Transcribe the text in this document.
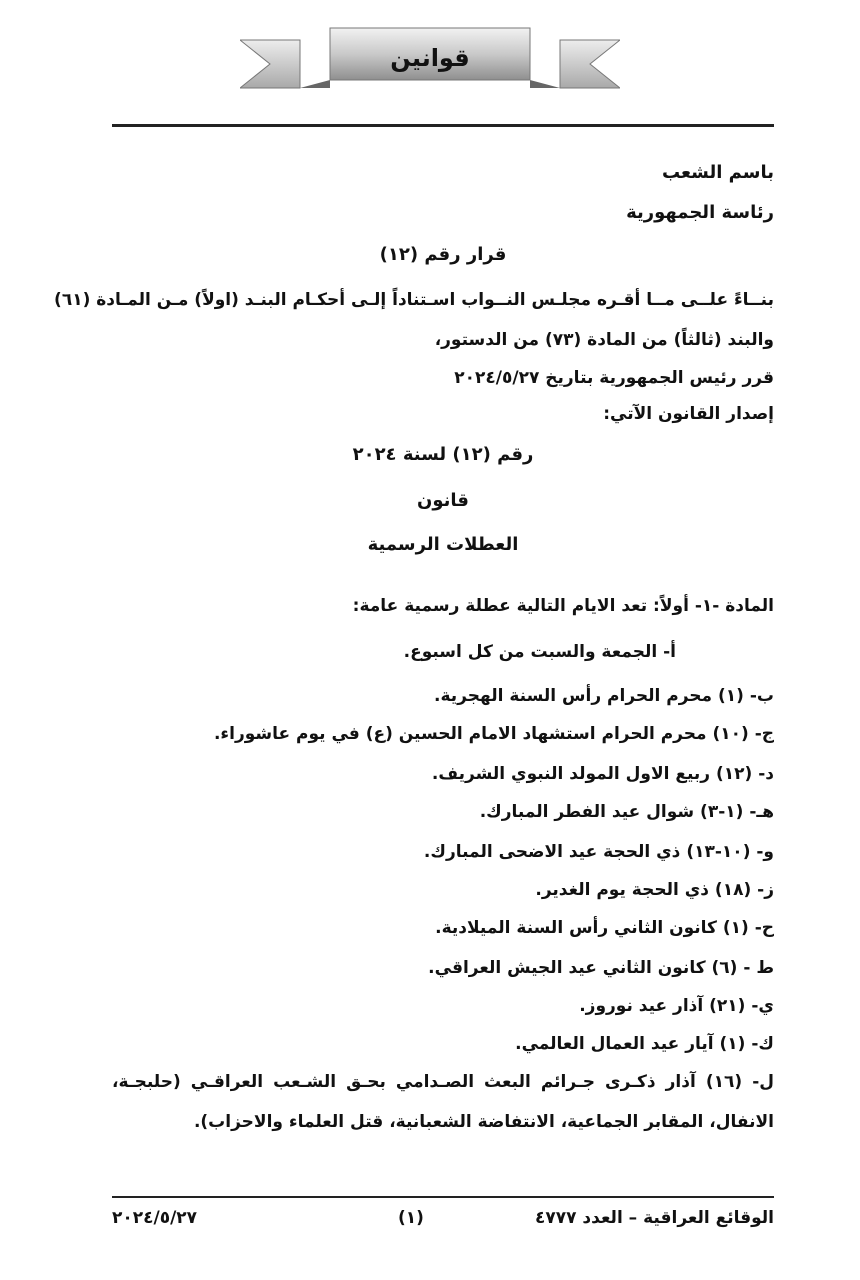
قوانين
باسم الشعب
رئاسة الجمهورية
قرار رقم (١٢)
بنــاءً علــى مــا أقـره مجلـس النــواب اسـتناداً إلـى أحكـام البنـد (اولاً) مـن المـادة (٦١)
والبند (ثالثاً) من المادة (٧٣) من الدستور،
قرر رئيس الجمهورية بتاريخ ٢٠٢٤/٥/٢٧
إصدار القانون الآتي:
رقم (١٢) لسنة ٢٠٢٤
قانون
العطلات الرسمية
المادة -١- أولاً: تعد الايام التالية عطلة رسمية عامة:
أ- الجمعة والسبت من كل اسبوع.
ب- (١) محرم الحرام رأس السنة الهجرية.
ج- (١٠) محرم الحرام استشهاد الامام الحسين (ع) في يوم عاشوراء.
د- (١٢) ربيع الاول المولد النبوي الشريف.
هـ- (١-٣) شوال عيد الفطر المبارك.
و- (١٠-١٣) ذي الحجة عيد الاضحى المبارك.
ز- (١٨) ذي الحجة يوم الغدير.
ح- (١) كانون الثاني رأس السنة الميلادية.
ط - (٦) كانون الثاني عيد الجيش العراقي.
ي- (٢١) آذار عيد نوروز.
ك- (١) آيار عيد العمال العالمي.
ل- (١٦) آذار ذكـرى جـرائم البعث الصـدامي بحـق الشـعب العراقـي (حلبجـة،
الانفال، المقابر الجماعية، الانتفاضة الشعبانية، قتل العلماء والاحزاب).
الوقائع العراقية – العدد ٤٧٧٧
(١)
٢٠٢٤/٥/٢٧
